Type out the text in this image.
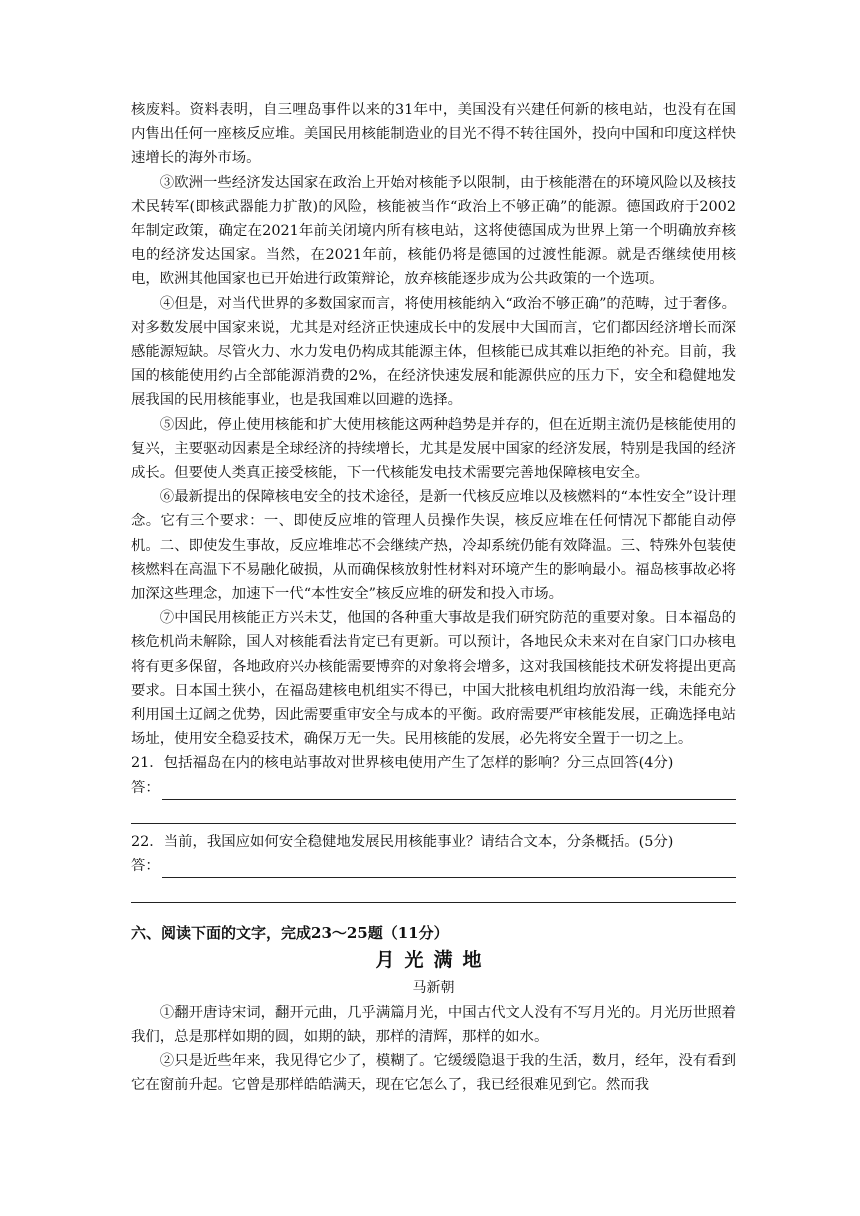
核废料。资料表明，自三哩岛事件以来的31年中，美国没有兴建任何新的核电站，也没有在国内售出任何一座核反应堆。美国民用核能制造业的目光不得不转往国外，投向中国和印度这样快速增长的海外市场。

③欧洲一些经济发达国家在政治上开始对核能予以限制，由于核能潜在的环境风险以及核技术民转军(即核武器能力扩散)的风险，核能被当作“政治上不够正确”的能源。德国政府于2002年制定政策，确定在2021年前关闭境内所有核电站，这将使德国成为世界上第一个明确放弃核电的经济发达国家。当然，在2021年前，核能仍将是德国的过渡性能源。就是否继续使用核电，欧洲其他国家也已开始进行政策辩论，放弃核能逐步成为公共政策的一个选项。

④但是，对当代世界的多数国家而言，将使用核能纳入“政治不够正确”的范畴，过于奢侈。对多数发展中国家来说，尤其是对经济正快速成长中的发展中大国而言，它们都因经济增长而深感能源短缺。尽管火力、水力发电仍构成其能源主体，但核能已成其难以拒绝的补充。目前，我国的核能使用约占全部能源消费的2%，在经济快速发展和能源供应的压力下，安全和稳健地发展我国的民用核能事业，也是我国难以回避的选择。

⑤因此，停止使用核能和扩大使用核能这两种趋势是并存的，但在近期主流仍是核能使用的复兴，主要驱动因素是全球经济的持续增长，尤其是发展中国家的经济发展，特别是我国的经济成长。但要使人类真正接受核能，下一代核能发电技术需要完善地保障核电安全。

⑥最新提出的保障核电安全的技术途径，是新一代核反应堆以及核燃料的“本性安全”设计理念。它有三个要求：一、即使反应堆的管理人员操作失误，核反应堆在任何情况下都能自动停机。二、即使发生事故，反应堆堆芯不会继续产热，冷却系统仍能有效降温。三、特殊外包装使核燃料在高温下不易融化破损，从而确保核放射性材料对环境产生的影响最小。福岛核事故必将加深这些理念，加速下一代“本性安全”核反应堆的研发和投入市场。

⑦中国民用核能正方兴未艾，他国的各种重大事故是我们研究防范的重要对象。日本福岛的核危机尚未解除，国人对核能看法肯定已有更新。可以预计，各地民众未来对在自家门口办核电将有更多保留，各地政府兴办核能需要博弈的对象将会增多，这对我国核能技术研发将提出更高要求。日本国土狭小，在福岛建核电机组实不得已，中国大批核电机组均放沿海一线，未能充分利用国土辽阔之优势，因此需要重审安全与成本的平衡。政府需要严审核能发展，正确选择电站场址，使用安全稳妥技术，确保万无一失。民用核能的发展，必先将安全置于一切之上。

21．包括福岛在内的核电站事故对世界核电使用产生了怎样的影响？分三点回答(4分)

答：

22．当前，我国应如何安全稳健地发展民用核能事业？请结合文本，分条概括。(5分)

答：

六、阅读下面的文字，完成23～25题（11分）

月光满地
马新朝

①翻开唐诗宋词，翻开元曲，几乎满篇月光，中国古代文人没有不写月光的。月光历世照着我们，总是那样如期的圆，如期的缺，那样的清辉，那样的如水。

②只是近些年来，我见得它少了，模糊了。它缓缓隐退于我的生活，数月，经年，没有看到它在窗前升起。它曾是那样皓皓满天，现在它怎么了，我已经很难见到它。然而我
